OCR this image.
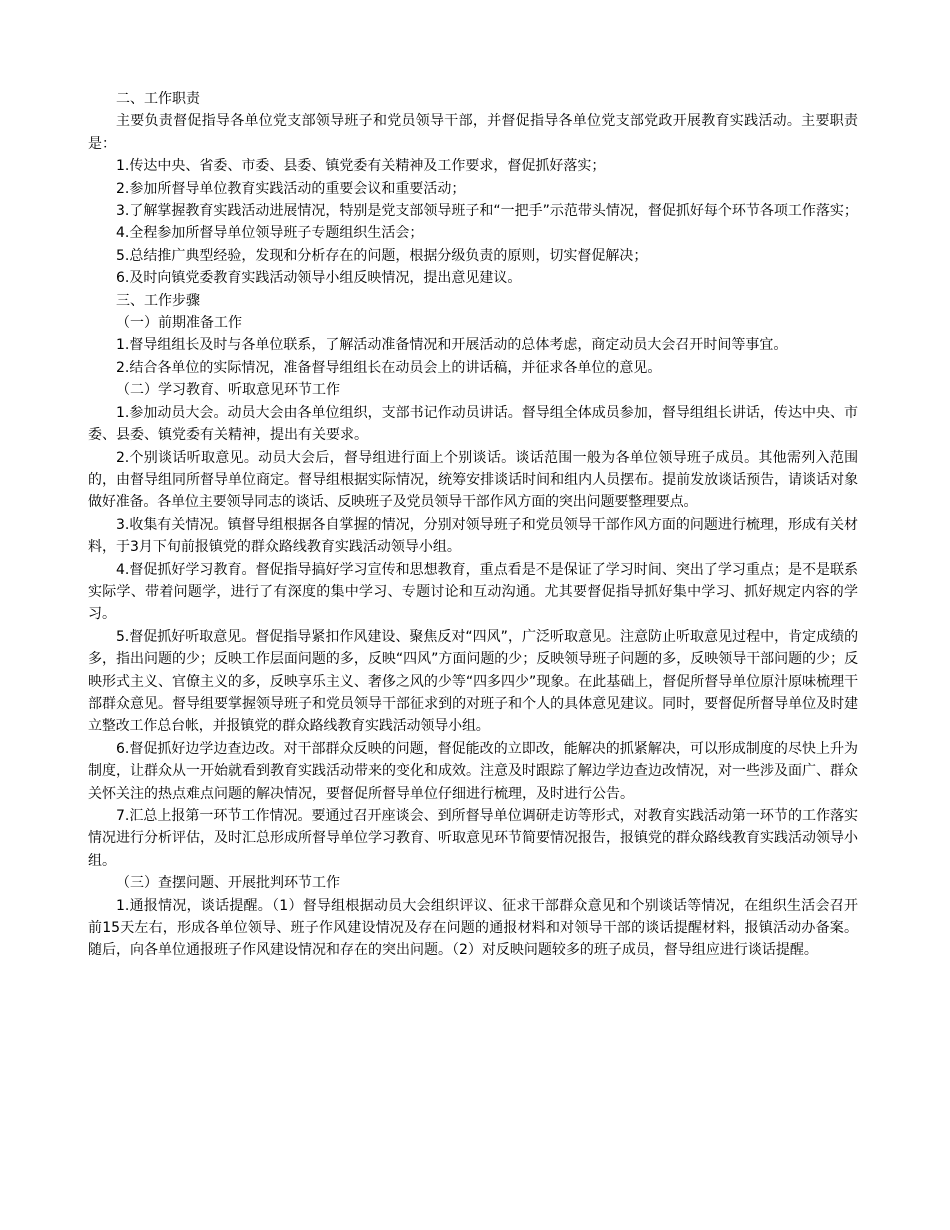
二、工作职责

主要负责督促指导各单位党支部领导班子和党员领导干部，并督促指导各单位党支部党政开展教育实践活动。主要职责是：

1.传达中央、省委、市委、县委、镇党委有关精神及工作要求，督促抓好落实；

2.参加所督导单位教育实践活动的重要会议和重要活动；

3.了解掌握教育实践活动进展情况，特别是党支部领导班子和“一把手”示范带头情况，督促抓好每个环节各项工作落实；

4.全程参加所督导单位领导班子专题组织生活会；

5.总结推广典型经验，发现和分析存在的问题，根据分级负责的原则，切实督促解决；

6.及时向镇党委教育实践活动领导小组反映情况，提出意见建议。

三、工作步骤

（一）前期准备工作

1.督导组组长及时与各单位联系，了解活动准备情况和开展活动的总体考虑，商定动员大会召开时间等事宜。

2.结合各单位的实际情况，准备督导组组长在动员会上的讲话稿，并征求各单位的意见。

（二）学习教育、听取意见环节工作

1.参加动员大会。动员大会由各单位组织，支部书记作动员讲话。督导组全体成员参加，督导组组长讲话，传达中央、市委、县委、镇党委有关精神，提出有关要求。

2.个别谈话听取意见。动员大会后，督导组进行面上个别谈话。谈话范围一般为各单位领导班子成员。其他需列入范围的，由督导组同所督导单位商定。督导组根据实际情况，统筹安排谈话时间和组内人员摆布。提前发放谈话预告，请谈话对象做好准备。各单位主要领导同志的谈话、反映班子及党员领导干部作风方面的突出问题要整理要点。

3.收集有关情况。镇督导组根据各自掌握的情况，分别对领导班子和党员领导干部作风方面的问题进行梳理，形成有关材料，于3月下旬前报镇党的群众路线教育实践活动领导小组。

4.督促抓好学习教育。督促指导搞好学习宣传和思想教育，重点看是不是保证了学习时间、突出了学习重点；是不是联系实际学、带着问题学，进行了有深度的集中学习、专题讨论和互动沟通。尤其要督促指导抓好集中学习、抓好规定内容的学习。

5.督促抓好听取意见。督促指导紧扣作风建设、聚焦反对“四风”，广泛听取意见。注意防止听取意见过程中，肯定成绩的多，指出问题的少；反映工作层面问题的多，反映“四风”方面问题的少；反映领导班子问题的多，反映领导干部问题的少；反映形式主义、官僚主义的多，反映享乐主义、奢侈之风的少等“四多四少”现象。在此基础上，督促所督导单位原汁原味梳理干部群众意见。督导组要掌握领导班子和党员领导干部征求到的对班子和个人的具体意见建议。同时，要督促所督导单位及时建立整改工作总台帐，并报镇党的群众路线教育实践活动领导小组。

6.督促抓好边学边查边改。对干部群众反映的问题，督促能改的立即改，能解决的抓紧解决，可以形成制度的尽快上升为制度，让群众从一开始就看到教育实践活动带来的变化和成效。注意及时跟踪了解边学边查边改情况，对一些涉及面广、群众关怀关注的热点难点问题的解决情况，要督促所督导单位仔细进行梳理，及时进行公告。

7.汇总上报第一环节工作情况。要通过召开座谈会、到所督导单位调研走访等形式，对教育实践活动第一环节的工作落实情况进行分析评估，及时汇总形成所督导单位学习教育、听取意见环节简要情况报告，报镇党的群众路线教育实践活动领导小组。

（三）查摆问题、开展批判环节工作

1.通报情况，谈话提醒。（1）督导组根据动员大会组织评议、征求干部群众意见和个别谈话等情况，在组织生活会召开前15天左右，形成各单位领导、班子作风建设情况及存在问题的通报材料和对领导干部的谈话提醒材料，报镇活动办备案。随后，向各单位通报班子作风建设情况和存在的突出问题。（2）对反映问题较多的班子成员，督导组应进行谈话提醒。
